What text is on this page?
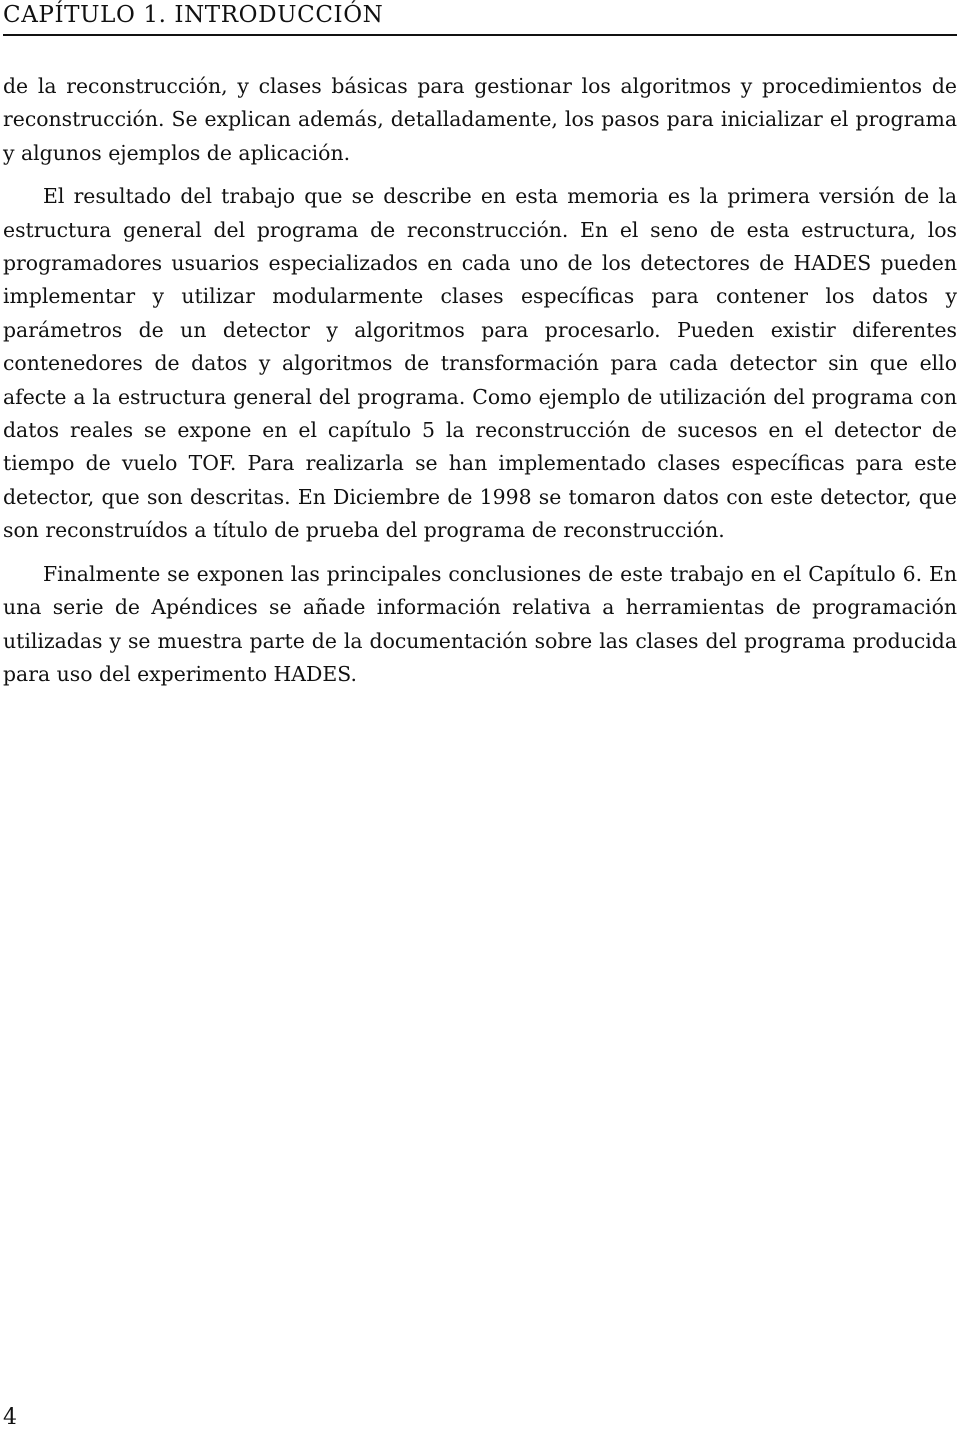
CAPÍTULO 1. INTRODUCCIÓN

de la reconstrucción, y clases básicas para gestionar los algoritmos y procedimientos de reconstrucción. Se explican además, detalladamente, los pasos para inicializar el programa y algunos ejemplos de aplicación.

El resultado del trabajo que se describe en esta memoria es la primera versión de la estructura general del programa de reconstrucción. En el seno de esta estructura, los programadores usuarios especializados en cada uno de los detectores de HADES pueden implementar y utilizar modularmente clases específicas para contener los datos y parámetros de un detector y algoritmos para procesarlo. Pueden existir diferentes contenedores de datos y algoritmos de transformación para cada detector sin que ello afecte a la estructura general del programa. Como ejemplo de utilización del programa con datos reales se expone en el capítulo 5 la reconstrucción de sucesos en el detector de tiempo de vuelo TOF. Para realizarla se han implementado clases específicas para este detector, que son descritas. En Diciembre de 1998 se tomaron datos con este detector, que son reconstruídos a título de prueba del programa de reconstrucción.

Finalmente se exponen las principales conclusiones de este trabajo en el Capítulo 6. En una serie de Apéndices se añade información relativa a herramientas de programación utilizadas y se muestra parte de la documentación sobre las clases del programa producida para uso del experimento HADES.

4
